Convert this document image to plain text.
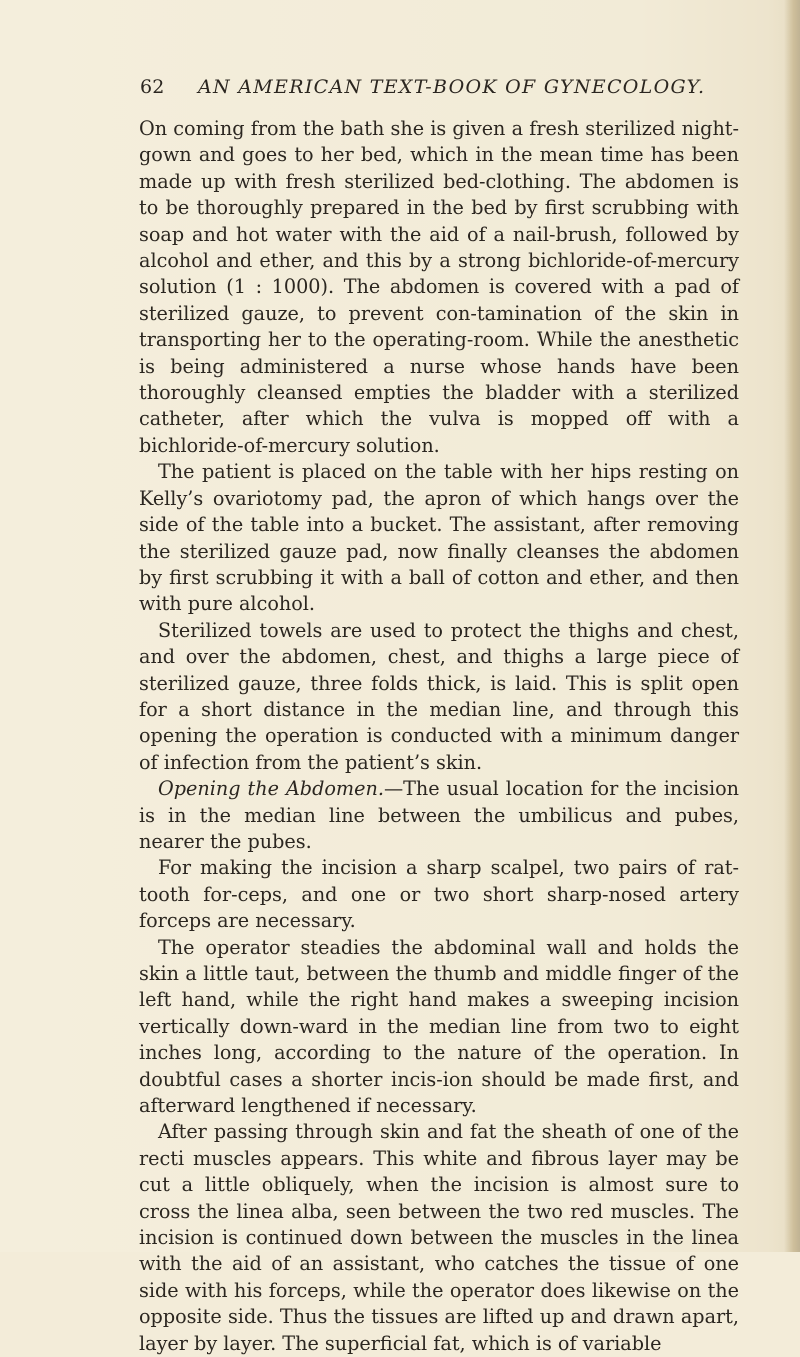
62 AN AMERICAN TEXT-BOOK OF GYNECOLOGY.

On coming from the bath she is given a fresh sterilized night-gown and goes to her bed, which in the mean time has been made up with fresh sterilized bed-clothing. The abdomen is to be thoroughly prepared in the bed by first scrubbing with soap and hot water with the aid of a nail-brush, followed by alcohol and ether, and this by a strong bichloride-of-mercury solution (1 : 1000). The abdomen is covered with a pad of sterilized gauze, to prevent con-tamination of the skin in transporting her to the operating-room. While the anesthetic is being administered a nurse whose hands have been thoroughly cleansed empties the bladder with a sterilized catheter, after which the vulva is mopped off with a bichloride-of-mercury solution.

The patient is placed on the table with her hips resting on Kelly’s ovariotomy pad, the apron of which hangs over the side of the table into a bucket. The assistant, after removing the sterilized gauze pad, now finally cleanses the abdomen by first scrubbing it with a ball of cotton and ether, and then with pure alcohol.

Sterilized towels are used to protect the thighs and chest, and over the abdomen, chest, and thighs a large piece of sterilized gauze, three folds thick, is laid. This is split open for a short distance in the median line, and through this opening the operation is conducted with a minimum danger of infection from the patient’s skin.

Opening the Abdomen.—The usual location for the incision is in the median line between the umbilicus and pubes, nearer the pubes.

For making the incision a sharp scalpel, two pairs of rat-tooth for-ceps, and one or two short sharp-nosed artery forceps are necessary.

The operator steadies the abdominal wall and holds the skin a little taut, between the thumb and middle finger of the left hand, while the right hand makes a sweeping incision vertically down-ward in the median line from two to eight inches long, according to the nature of the operation. In doubtful cases a shorter incis-ion should be made first, and afterward lengthened if necessary.

After passing through skin and fat the sheath of one of the recti muscles appears. This white and fibrous layer may be cut a little obliquely, when the incision is almost sure to cross the linea alba, seen between the two red muscles. The incision is continued down between the muscles in the linea with the aid of an assistant, who catches the tissue of one side with his forceps, while the operator does likewise on the opposite side. Thus the tissues are lifted up and drawn apart, layer by layer. The superficial fat, which is of variable
